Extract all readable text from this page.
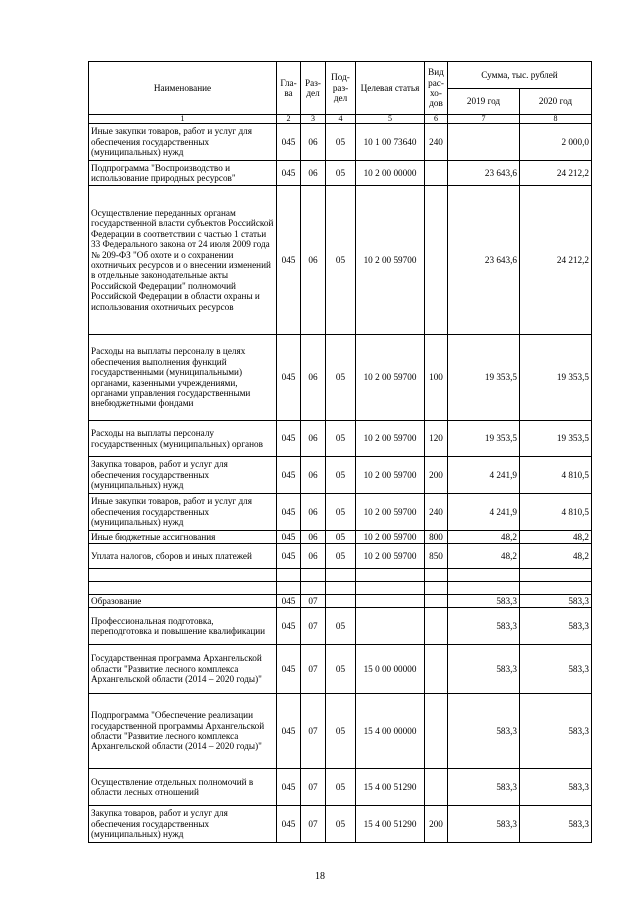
Наименование	Гла-ва	Раз-дел	Под-раз-дел	Целевая статья	Вид рас-хо-дов	Сумма, тыс. рублей	
						2019 год	2020 год
1	2	3	4	5	6	7	8
Иные закупки товаров, работ и услуг для обеспечения государственных (муниципальных) нужд	045	06	05	10 1 00 73640	240		2 000,0
Подпрограмма "Воспроизводство и использование природных ресурсов"	045	06	05	10 2 00 00000		23 643,6	24 212,2
Осуществление переданных органам государственной власти субъектов Российской Федерации в соответствии с частью 1 статьи 33 Федерального закона от 24 июля 2009 года № 209-ФЗ "Об охоте и о сохранении охотничьих ресурсов и о внесении изменений в отдельные законодательные акты Российской Федерации" полномочий Российской Федерации в области охраны и использования охотничьих ресурсов	045	06	05	10 2 00 59700		23 643,6	24 212,2
Расходы на выплаты персоналу в целях обеспечения выполнения функций государственными (муниципальными) органами, казенными учреждениями, органами управления государственными внебюджетными фондами	045	06	05	10 2 00 59700	100	19 353,5	19 353,5
Расходы на выплаты персоналу государственных (муниципальных) органов	045	06	05	10 2 00 59700	120	19 353,5	19 353,5
Закупка товаров, работ и услуг для обеспечения государственных (муниципальных) нужд	045	06	05	10 2 00 59700	200	4 241,9	4 810,5
Иные закупки товаров, работ и услуг для обеспечения государственных (муниципальных) нужд	045	06	05	10 2 00 59700	240	4 241,9	4 810,5
Иные бюджетные ассигнования	045	06	05	10 2 00 59700	800	48,2	48,2
Уплата налогов, сборов и иных платежей	045	06	05	10 2 00 59700	850	48,2	48,2

Образование	045	07				583,3	583,3
Профессиональная подготовка, переподготовка и повышение квалификации	045	07	05			583,3	583,3
Государственная программа Архангельской области "Развитие лесного комплекса Архангельской области (2014 – 2020 годы)"	045	07	05	15 0 00 00000		583,3	583,3
Подпрограмма "Обеспечение реализации государственной программы Архангельской области "Развитие лесного комплекса Архангельской области (2014 – 2020 годы)"	045	07	05	15 4 00 00000		583,3	583,3
Осуществление отдельных полномочий в области лесных отношений	045	07	05	15 4 00 51290		583,3	583,3
Закупка товаров, работ и услуг для обеспечения государственных (муниципальных) нужд	045	07	05	15 4 00 51290	200	583,3	583,3
18
